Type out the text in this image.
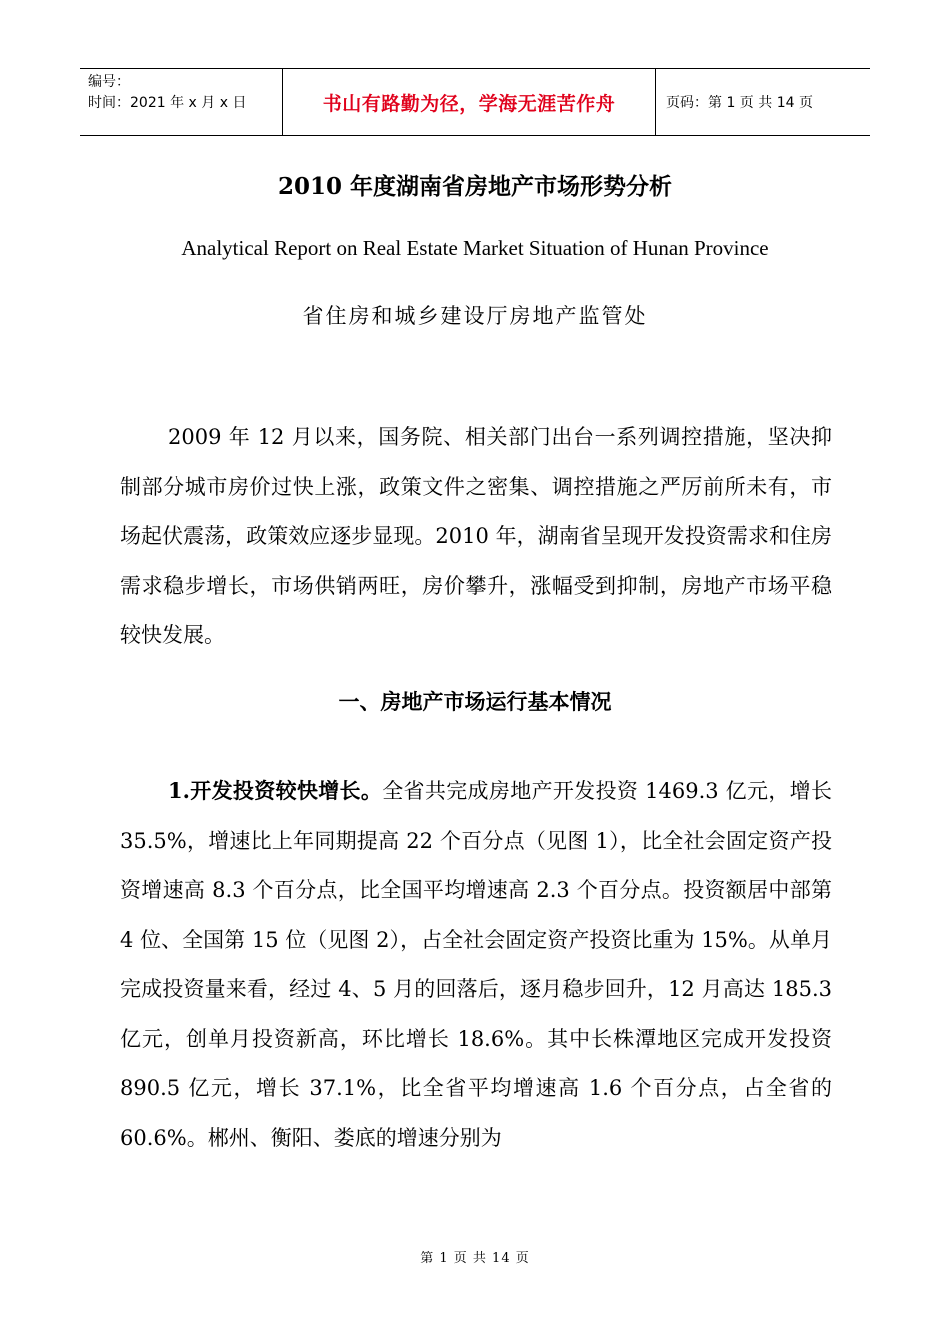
编号：
时间：2021 年 x 月 x 日	书山有路勤为径，学海无涯苦作舟	页码：第 1 页 共 14 页
2010 年度湖南省房地产市场形势分析
Analytical Report on Real Estate Market Situation of Hunan Province
省住房和城乡建设厅房地产监管处
2009 年 12 月以来，国务院、相关部门出台一系列调控措施，坚决抑制部分城市房价过快上涨，政策文件之密集、调控措施之严厉前所未有，市场起伏震荡，政策效应逐步显现。2010 年，湖南省呈现开发投资需求和住房需求稳步增长，市场供销两旺，房价攀升，涨幅受到抑制，房地产市场平稳较快发展。
一、房地产市场运行基本情况
1.开发投资较快增长。全省共完成房地产开发投资 1469.3 亿元，增长 35.5%，增速比上年同期提高 22 个百分点（见图 1），比全社会固定资产投资增速高 8.3 个百分点，比全国平均增速高 2.3 个百分点。投资额居中部第 4 位、全国第 15 位（见图 2），占全社会固定资产投资比重为 15%。从单月完成投资量来看，经过 4、5 月的回落后，逐月稳步回升，12 月高达 185.3 亿元，创单月投资新高，环比增长 18.6%。其中长株潭地区完成开发投资 890.5 亿元，增长 37.1%，比全省平均增速高 1.6 个百分点，占全省的 60.6%。郴州、衡阳、娄底的增速分别为
第 1 页 共 14 页
